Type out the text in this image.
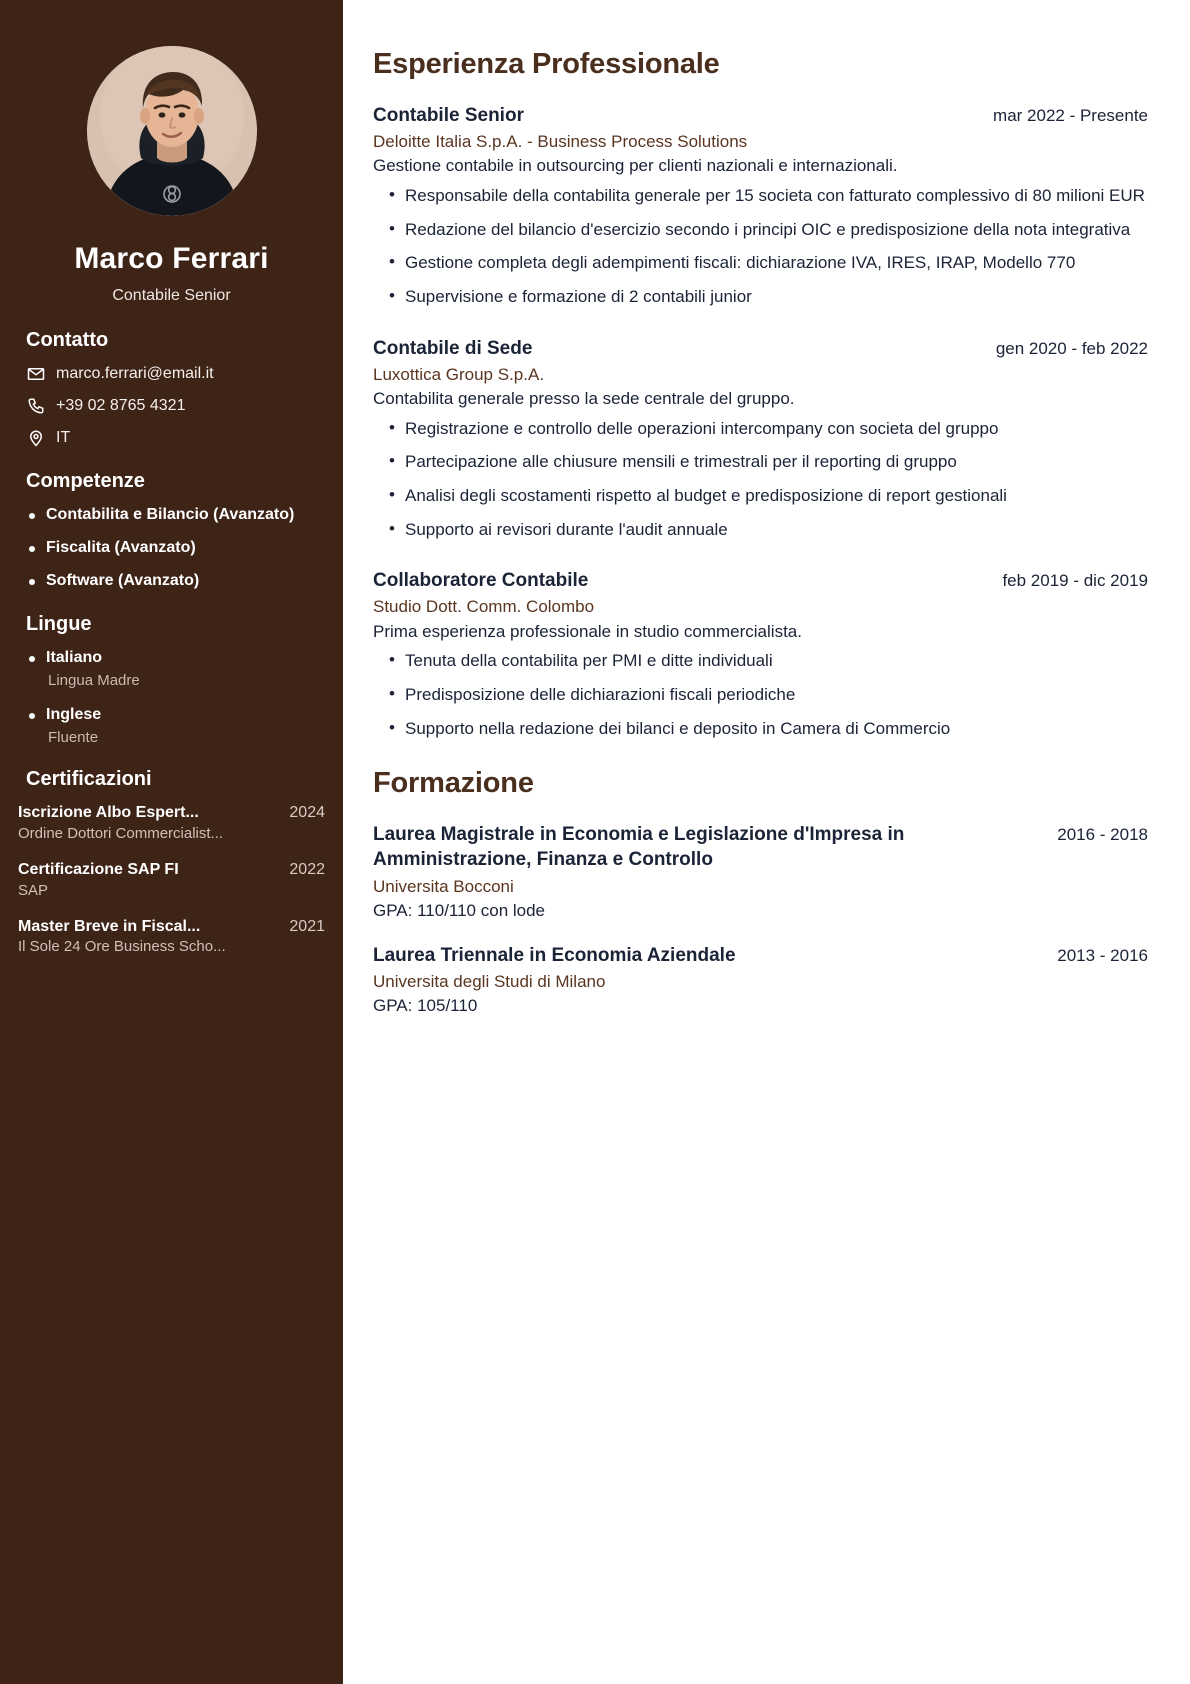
Marco Ferrari
Contabile Senior
Contatto
marco.ferrari@email.it
+39 02 8765 4321
IT
Competenze
Contabilita e Bilancio (Avanzato)
Fiscalita (Avanzato)
Software (Avanzato)
Lingue
Italiano
Lingua Madre
Inglese
Fluente
Certificazioni
Iscrizione Albo Espert...	2024
Ordine Dottori Commercialist...
Certificazione SAP FI	2022
SAP
Master Breve in Fiscal...	2021
Il Sole 24 Ore Business Scho...
Esperienza Professionale
Contabile Senior	mar 2022 - Presente
Deloitte Italia S.p.A. - Business Process Solutions
Gestione contabile in outsourcing per clienti nazionali e internazionali.
• Responsabile della contabilita generale per 15 societa con fatturato complessivo di 80 milioni EUR
• Redazione del bilancio d'esercizio secondo i principi OIC e predisposizione della nota integrativa
• Gestione completa degli adempimenti fiscali: dichiarazione IVA, IRES, IRAP, Modello 770
• Supervisione e formazione di 2 contabili junior
Contabile di Sede	gen 2020 - feb 2022
Luxottica Group S.p.A.
Contabilita generale presso la sede centrale del gruppo.
• Registrazione e controllo delle operazioni intercompany con societa del gruppo
• Partecipazione alle chiusure mensili e trimestrali per il reporting di gruppo
• Analisi degli scostamenti rispetto al budget e predisposizione di report gestionali
• Supporto ai revisori durante l'audit annuale
Collaboratore Contabile	feb 2019 - dic 2019
Studio Dott. Comm. Colombo
Prima esperienza professionale in studio commercialista.
• Tenuta della contabilita per PMI e ditte individuali
• Predisposizione delle dichiarazioni fiscali periodiche
• Supporto nella redazione dei bilanci e deposito in Camera di Commercio
Formazione
Laurea Magistrale in Economia e Legislazione d'Impresa in Amministrazione, Finanza e Controllo
2016 - 2018
Universita Bocconi
GPA: 110/110 con lode
Laurea Triennale in Economia Aziendale	2013 - 2016
Universita degli Studi di Milano
GPA: 105/110
